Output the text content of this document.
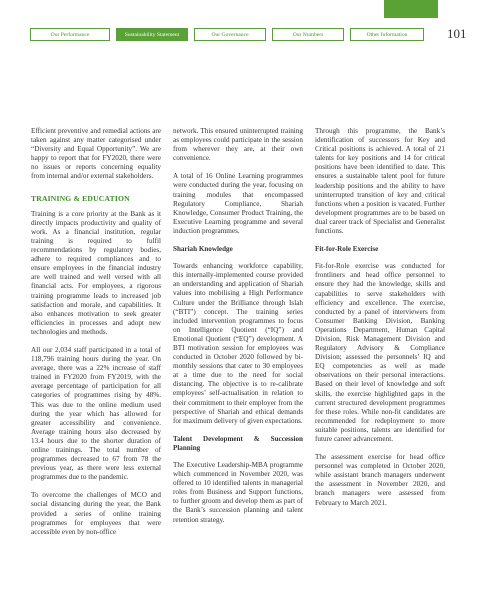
Our Performance	Sustainability Statement	Our Governance	Our Numbers	Other Information	101

Efficient preventive and remedial actions are taken against any matter categorised under “Diversity and Equal Opportunity”. We are happy to report that for FY2020, there were no issues or reports concerning equality from internal and/or external stakeholders.

TRAINING & EDUCATION

Training is a core priority at the Bank as it directly impacts productivity and quality of work. As a financial institution, regular training is required to fulfil recommendations by regulatory bodies, adhere to required compliances and to ensure employees in the financial industry are well trained and well versed with all financial acts. For employees, a rigorous training programme leads to increased job satisfaction and morale, and capabilities. It also enhances motivation to seek greater efficiencies in processes and adopt new technologies and methods.

All our 2,034 staff participated in a total of 118,796 training hours during the year. On average, there was a 22% increase of staff trained in FY2020 from FY2019, with the average percentage of participation for all categories of programmes rising by 48%. This was due to the online medium used during the year which has allowed for greater accessibility and convenience. Average training hours also decreased by 13.4 hours due to the shorter duration of online trainings. The total number of programmes decreased to 67 from 78 the previous year, as there were less external programmes due to the pandemic.

To overcome the challenges of MCO and social distancing during the year, the Bank provided a series of online training programmes for employees that were accessible even by non-office

network. This ensured uninterrupted training as employees could participate in the session from wherever they are, at their own convenience.

A total of 16 Online Learning programmes were conducted during the year, focusing on training modules that encompassed Regulatory Compliance, Shariah Knowledge, Consumer Product Training, the Executive Learning programme and several induction programmes.

Shariah Knowledge

Towards enhancing workforce capability, this internally-implemented course provided an understanding and application of Shariah values into mobilising a High Performance Culture under the Brilliance through Islah (“BTI”) concept. The training series included intervention programmes to focus on Intelligence Quotient (“IQ”) and Emotional Quotient (“EQ”) development. A BTI motivation session for employees was conducted in October 2020 followed by bi-monthly sessions that cater to 30 employees at a time due to the need for social distancing. The objective is to re-calibrate employees’ self-actualisation in relation to their commitment to their employer from the perspective of Shariah and ethical demands for maximum delivery of given expectations.

Talent Development & Succession Planning

The Executive Leadership-MBA programme which commenced in November 2020, was offered to 10 identified talents in managerial roles from Business and Support functions, to further groom and develop them as part of the Bank’s succession planning and talent retention strategy.

Through this programme, the Bank’s identification of successors for Key and Critical positions is achieved. A total of 21 talents for key positions and 14 for critical positions have been identified to date. This ensures a sustainable talent pool for future leadership positions and the ability to have uninterrupted transition of key and critical functions when a position is vacated. Further development programmes are to be based on dual career track of Specialist and Generalist functions.

Fit-for-Role Exercise

Fit-for-Role exercise was conducted for frontliners and head office personnel to ensure they had the knowledge, skills and capabilities to serve stakeholders with efficiency and excellence. The exercise, conducted by a panel of interviewers from Consumer Banking Division, Banking Operations Department, Human Capital Division, Risk Management Division and Regulatory Advisory & Compliance Division; assessed the personnels’ IQ and EQ competencies as well as made observations on their personal interactions. Based on their level of knowledge and soft skills, the exercise highlighted gaps in the current structured development programmes for these roles. While non-fit candidates are recommended for redeployment to more suitable positions, talents are identified for future career advancement.

The assessment exercise for head office personnel was completed in October 2020, while assistant branch managers underwent the assessment in November 2020, and branch managers were assessed from February to March 2021.
